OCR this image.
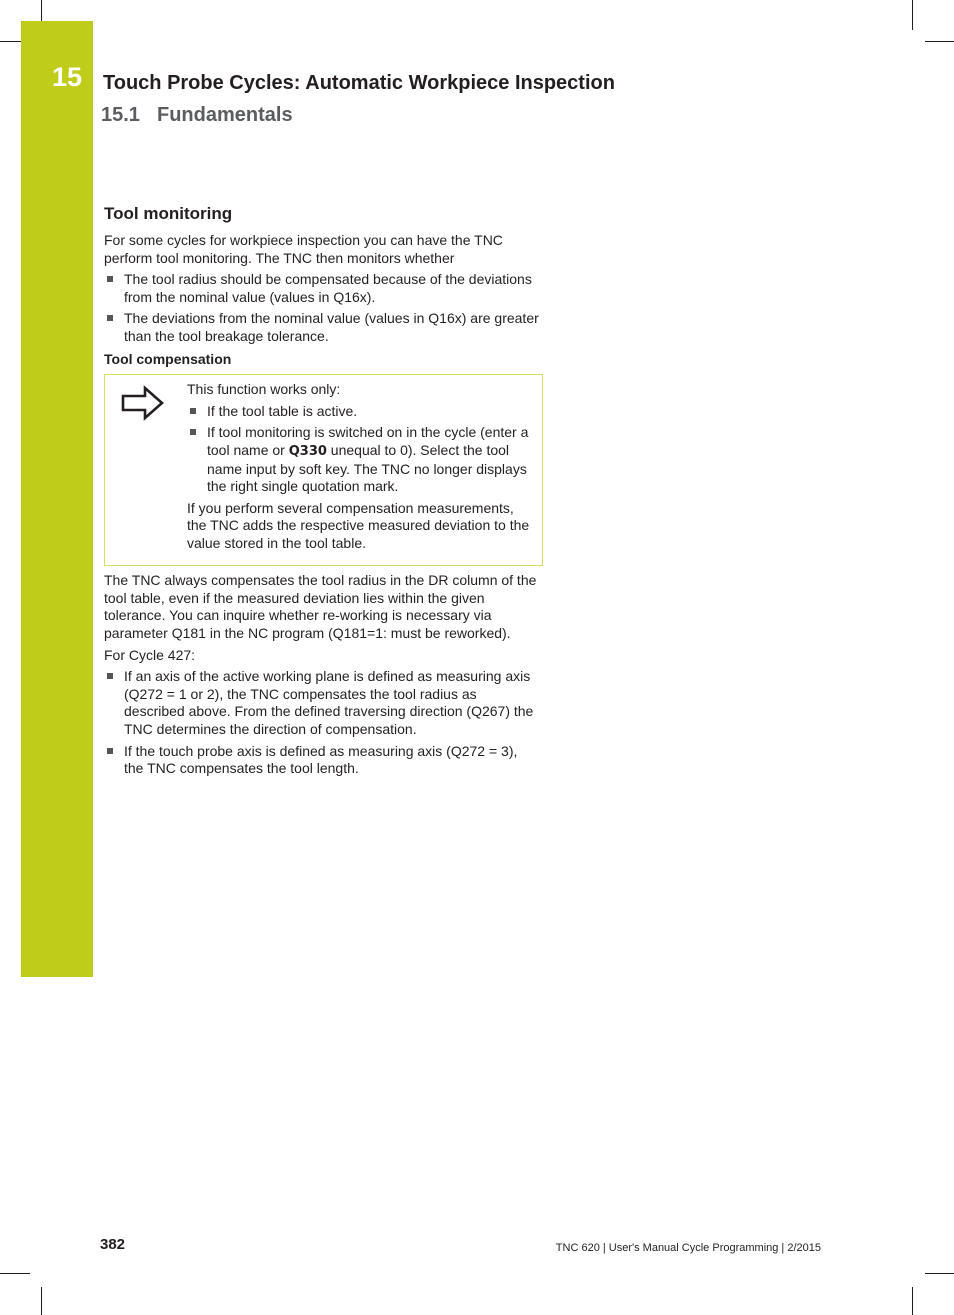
15 Touch Probe Cycles: Automatic Workpiece Inspection
15.1 Fundamentals
Tool monitoring

For some cycles for workpiece inspection you can have the TNC perform tool monitoring. The TNC then monitors whether

The tool radius should be compensated because of the deviations from the nominal value (values in Q16x).
The deviations from the nominal value (values in Q16x) are greater than the tool breakage tolerance.
Tool compensation

This function works only:

If the tool table is active.
If tool monitoring is switched on in the cycle (enter a tool name or Q330 unequal to 0). Select the tool name input by soft key. The TNC no longer displays the right single quotation mark.

If you perform several compensation measurements, the TNC adds the respective measured deviation to the value stored in the tool table.

The TNC always compensates the tool radius in the DR column of the tool table, even if the measured deviation lies within the given tolerance. You can inquire whether re-working is necessary via parameter Q181 in the NC program (Q181=1: must be reworked).

For Cycle 427:

If an axis of the active working plane is defined as measuring axis (Q272 = 1 or 2), the TNC compensates the tool radius as described above. From the defined traversing direction (Q267) the TNC determines the direction of compensation.
If the touch probe axis is defined as measuring axis (Q272 = 3), the TNC compensates the tool length.
382	TNC 620 | User's Manual Cycle Programming | 2/2015
